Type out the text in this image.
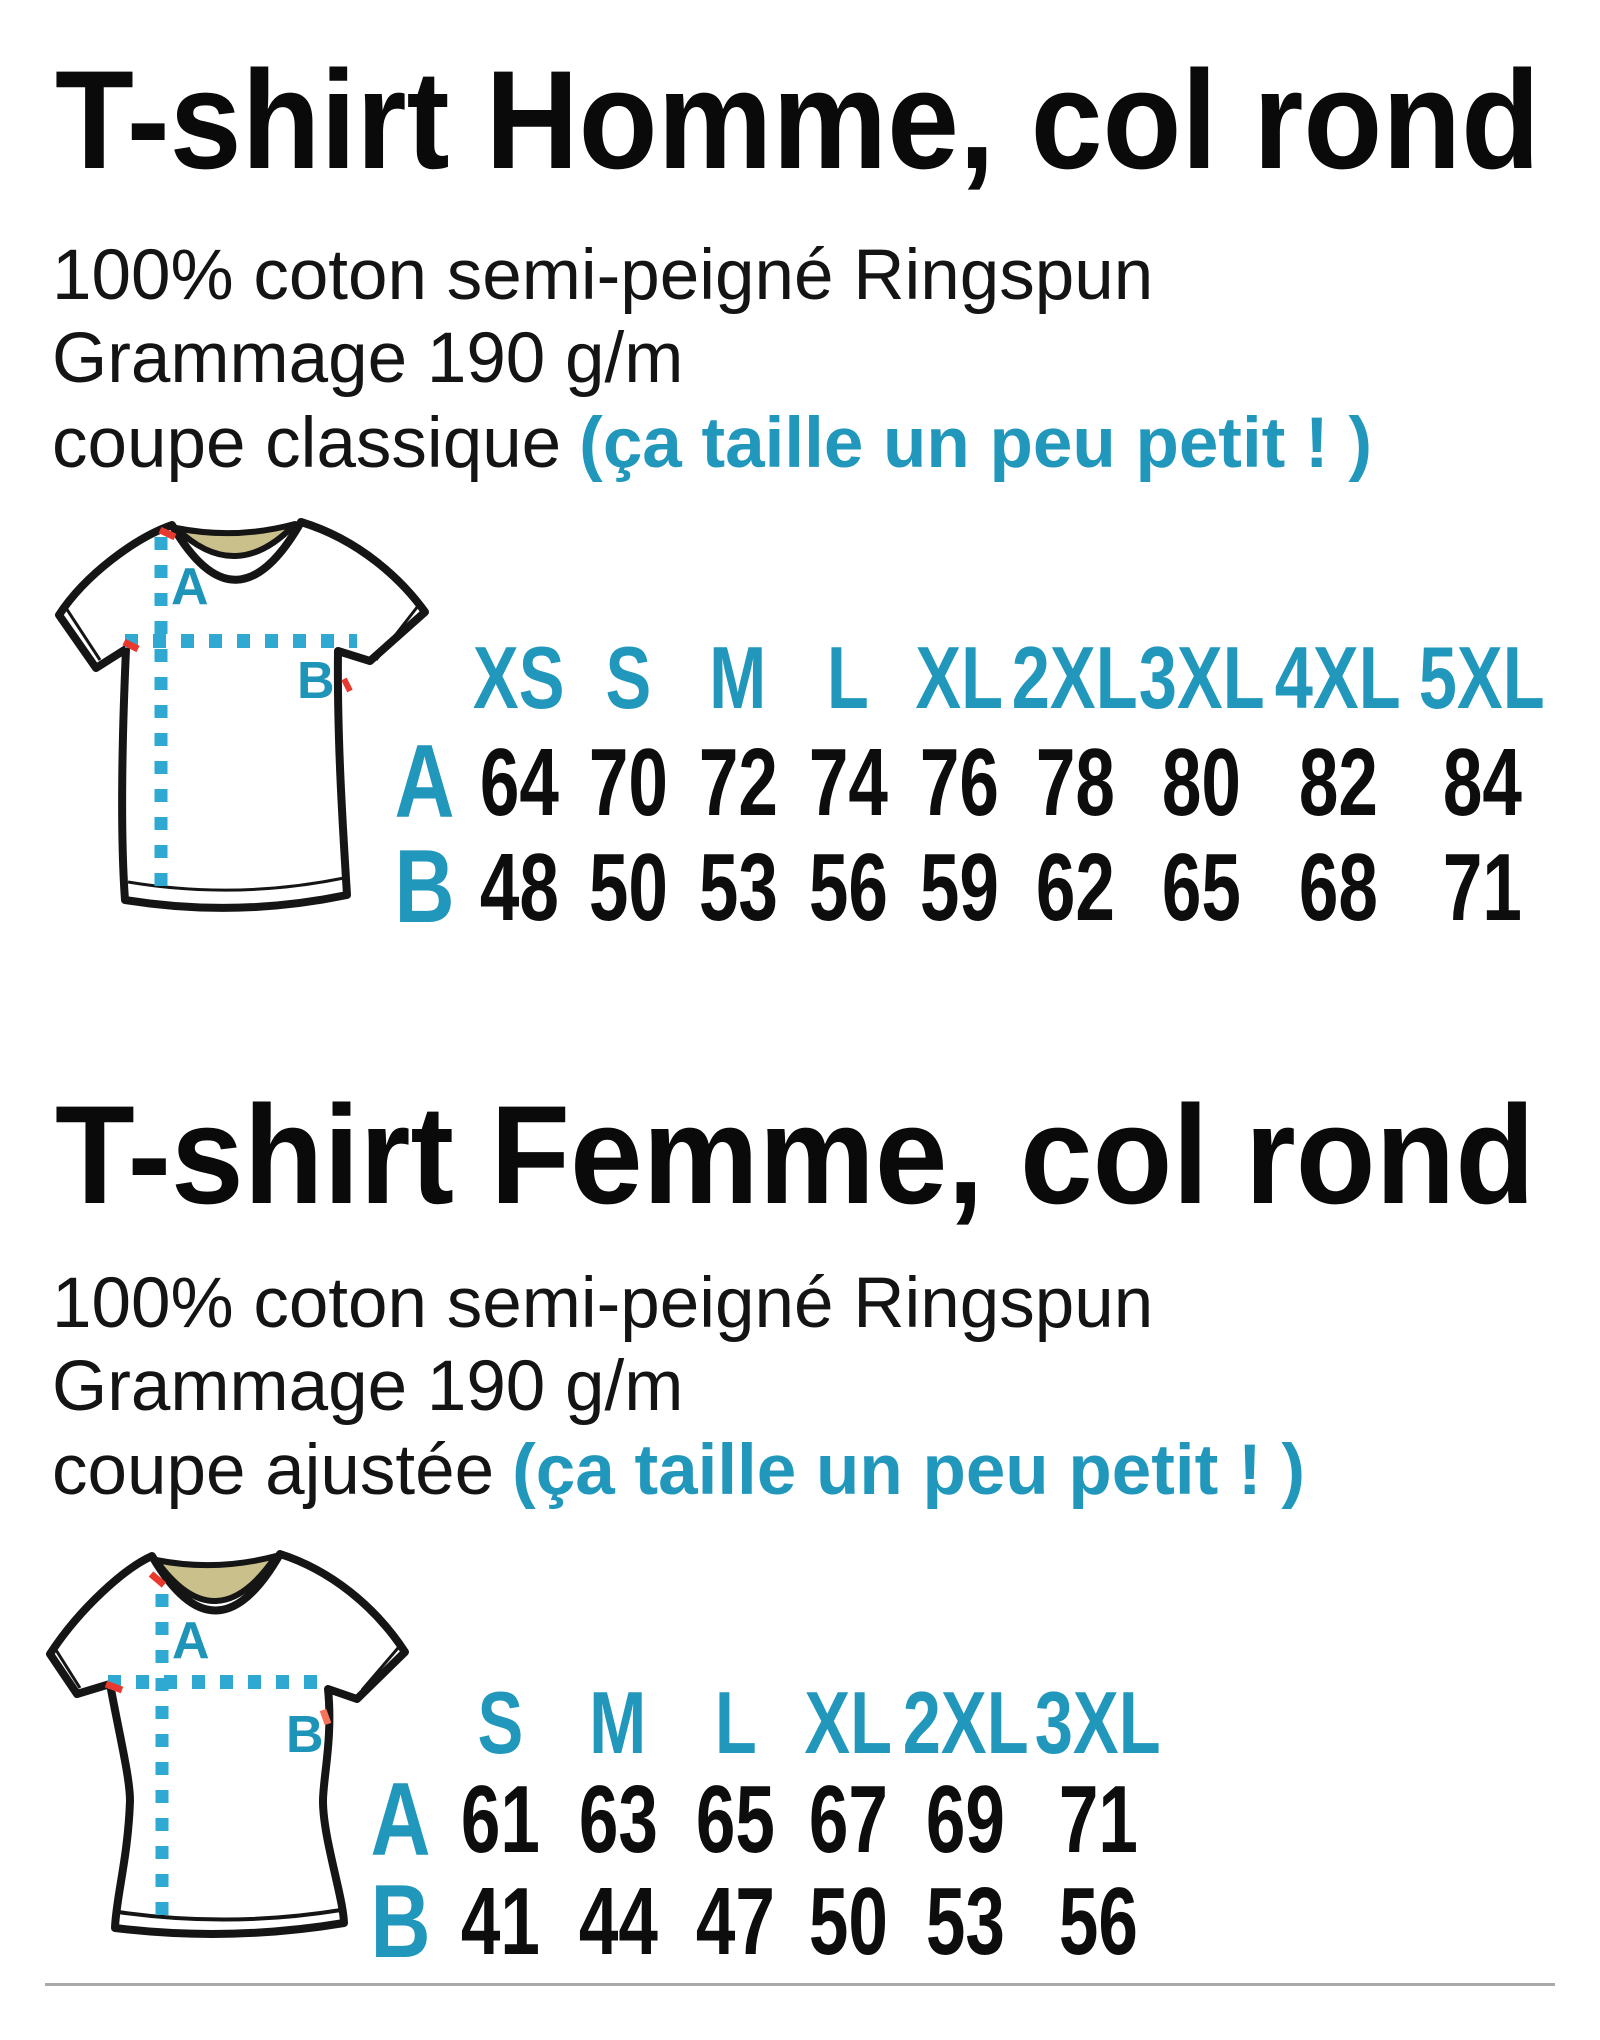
T-shirt Homme, col rond
100% coton semi-peigné Ringspun
Grammage 190 g/m
coupe classique (ça taille un peu petit ! )
A
B XS S M L XL 2XL 3XL 4XL 5XL
A 64 70 72 74 76 78 80 82 84
B 48 50 53 56 59 62 65 68 71
T-shirt Femme, col rond
100% coton semi-peigné Ringspun
Grammage 190 g/m
coupe ajustée (ça taille un peu petit ! )
A
B S M L XL 2XL 3XL
A 61 63 65 67 69 71
B 41 44 47 50 53 56
